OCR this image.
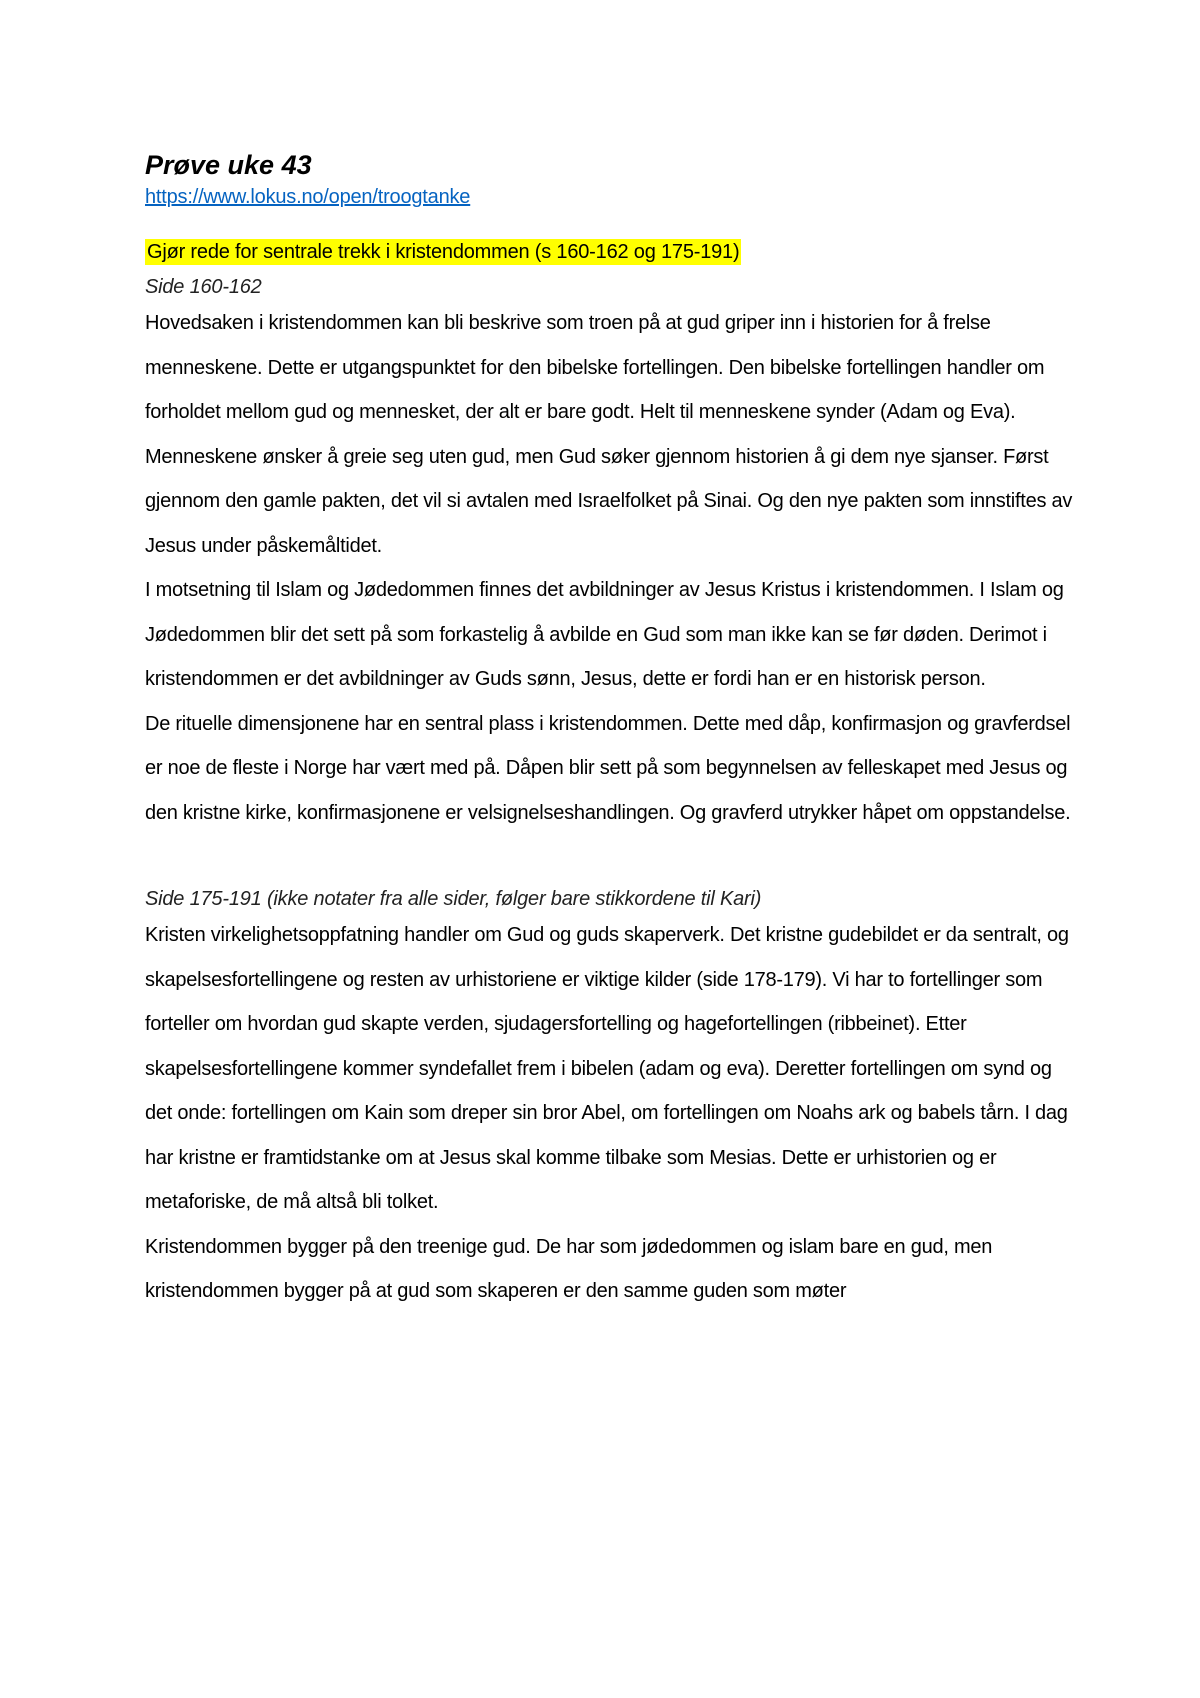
Prøve uke 43
https://www.lokus.no/open/troogtanke
Gjør rede for sentrale trekk i kristendommen (s 160-162 og 175-191)

Side 160-162

Hovedsaken i kristendommen kan bli beskrive som troen på at gud griper inn i historien for å frelse menneskene. Dette er utgangspunktet for den bibelske fortellingen. Den bibelske fortellingen handler om forholdet mellom gud og mennesket, der alt er bare godt. Helt til menneskene synder (Adam og Eva). Menneskene ønsker å greie seg uten gud, men Gud søker gjennom historien å gi dem nye sjanser. Først gjennom den gamle pakten, det vil si avtalen med Israelfolket på Sinai. Og den nye pakten som innstiftes av Jesus under påskemåltidet.

I motsetning til Islam og Jødedommen finnes det avbildninger av Jesus Kristus i kristendommen. I Islam og Jødedommen blir det sett på som forkastelig å avbilde en Gud som man ikke kan se før døden. Derimot i kristendommen er det avbildninger av Guds sønn, Jesus, dette er fordi han er en historisk person.

De rituelle dimensjonene har en sentral plass i kristendommen. Dette med dåp, konfirmasjon og gravferdsel er noe de fleste i Norge har vært med på. Dåpen blir sett på som begynnelsen av felleskapet med Jesus og den kristne kirke, konfirmasjonene er velsignelseshandlingen. Og gravferd utrykker håpet om oppstandelse.

Side 175-191 (ikke notater fra alle sider, følger bare stikkordene til Kari)

Kristen virkelighetsoppfatning handler om Gud og guds skaperverk. Det kristne gudebildet er da sentralt, og skapelsesfortellingene og resten av urhistoriene er viktige kilder (side 178-179). Vi har to fortellinger som forteller om hvordan gud skapte verden, sjudagersfortelling og hagefortellingen (ribbeinet). Etter skapelsesfortellingene kommer syndefallet frem i bibelen (adam og eva). Deretter fortellingen om synd og det onde: fortellingen om Kain som dreper sin bror Abel, om fortellingen om Noahs ark og babels tårn. I dag har kristne er framtidstanke om at Jesus skal komme tilbake som Mesias. Dette er urhistorien og er metaforiske, de må altså bli tolket.

Kristendommen bygger på den treenige gud. De har som jødedommen og islam bare en gud, men kristendommen bygger på at gud som skaperen er den samme guden som møter
